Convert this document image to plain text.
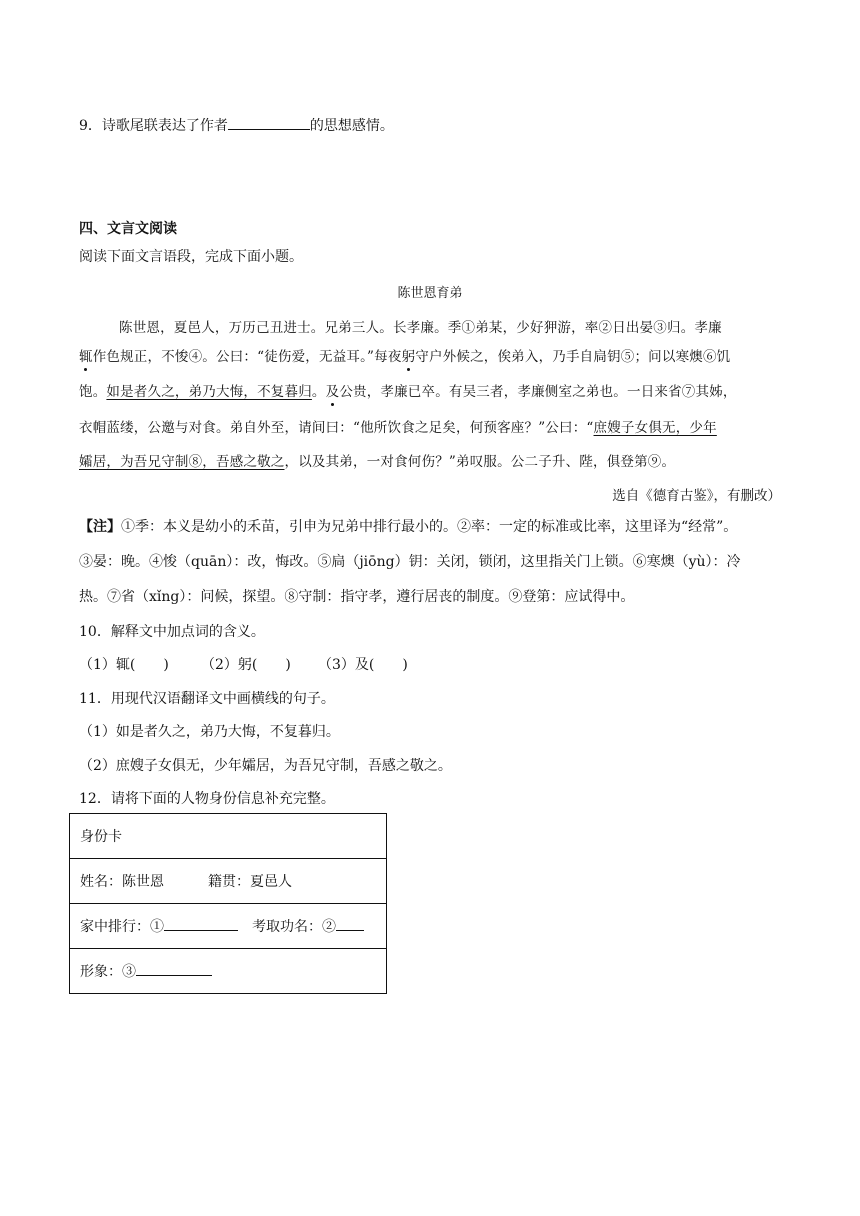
9．诗歌尾联表达了作者	的思想感情。
四、文言文阅读
阅读下面文言语段，完成下面小题。
陈世恩育弟
陈世恩，夏邑人，万历己丑进士。兄弟三人。长孝廉。季①弟某，少好狎游，率②日出晏③归。孝廉
辄作色规正，不悛④。公曰：“徒伤爱，无益耳。”每夜躬守户外候之，俟弟入，乃手自扃钥⑤；问以寒燠⑥饥
饱。如是者久之，弟乃大悔，不复暮归。及公贵，孝廉已卒。有吴三者，孝廉侧室之弟也。一日来省⑦其姊，
衣帽蓝缕，公邀与对食。弟自外至，请间曰：“他所饮食之足矣，何预客座？”公曰：“庶嫂子女俱无，少年
孀居，为吾兄守制⑧，吾感之敬之，以及其弟，一对食何伤？”弟叹服。公二子升、陛，俱登第⑨。
选自《德育古鉴》，有删改）
【注】①季：本义是幼小的禾苗，引申为兄弟中排行最小的。②率：一定的标准或比率，这里译为“经常”。
③晏：晚。④悛（quān）：改，悔改。⑤扃（jiōng）钥：关闭，锁闭，这里指关门上锁。⑥寒燠（yù）：冷
热。⑦省（xǐng）：问候，探望。⑧守制：指守孝，遵行居丧的制度。⑨登第：应试得中。
10．解释文中加点词的含义。
（1）辄(　　) （2）躬(　　) （3）及(　　)
11．用现代汉语翻译文中画横线的句子。
（1）如是者久之，弟乃大悔，不复暮归。
（2）庶嫂子女俱无，少年孀居，为吾兄守制，吾感之敬之。
12．请将下面的人物身份信息补充完整。
身份卡
姓名：陈世恩	籍贯：夏邑人
家中排行：①	考取功名：②
形象：③
